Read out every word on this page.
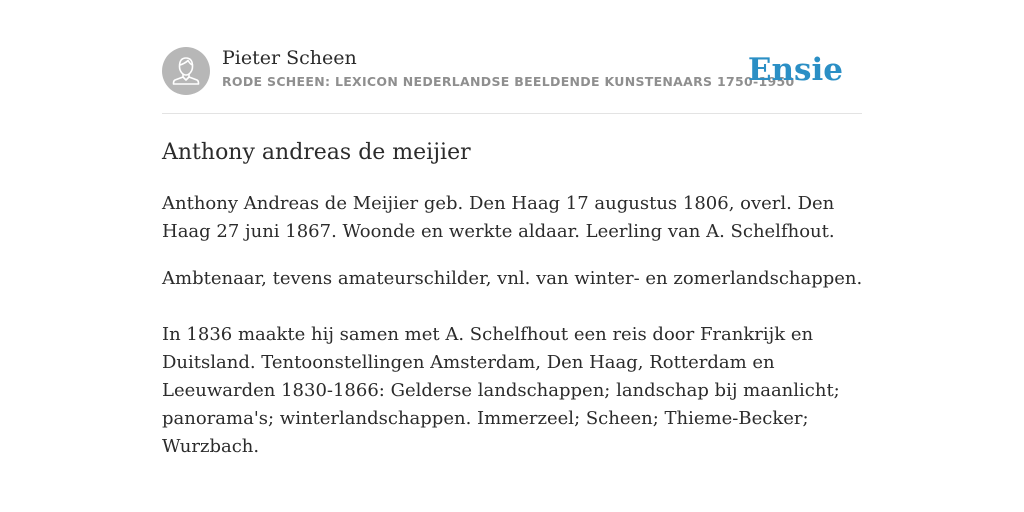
Pieter Scheen
RODE SCHEEN: LEXICON NEDERLANDSE BEELDENDE KUNSTENAARS 1750-1950
Ensie
Anthony andreas de meijier

Anthony Andreas de Meijier geb. Den Haag 17 augustus 1806, overl. Den Haag 27 juni 1867. Woonde en werkte aldaar. Leerling van A. Schelfhout.

Ambtenaar, tevens amateurschilder, vnl. van winter- en zomerlandschappen.

In 1836 maakte hij samen met A. Schelfhout een reis door Frankrijk en Duitsland. Tentoonstellingen Amsterdam, Den Haag, Rotterdam en Leeuwarden 1830-1866: Gelderse landschappen; landschap bij maanlicht; panorama's; winterlandschappen. Immerzeel; Scheen; Thieme-Becker; Wurzbach.
